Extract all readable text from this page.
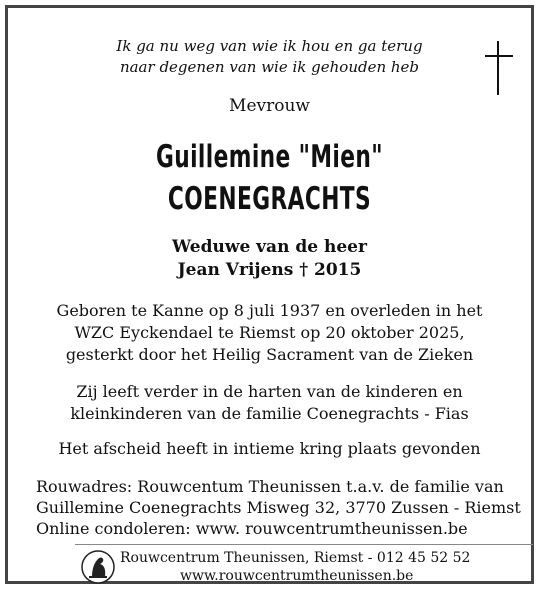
Ik ga nu weg van wie ik hou en ga terug
naar degenen van wie ik gehouden heb
Mevrouw
Guillemine "Mien"
COENEGRACHTS
Weduwe van de heer
Jean Vrijens † 2015
Geboren te Kanne op 8 juli 1937 en overleden in het
WZC Eyckendael te Riemst op 20 oktober 2025,
gesterkt door het Heilig Sacrament van de Zieken
Zij leeft verder in de harten van de kinderen en
kleinkinderen van de familie Coenegrachts - Fias
Het afscheid heeft in intieme kring plaats gevonden
Rouwadres: Rouwcentum Theunissen t.a.v. de familie van
Guillemine Coenegrachts Misweg 32, 3770 Zussen - Riemst
Online condoleren: www. rouwcentrumtheunissen.be
Rouwcentrum Theunissen, Riemst - 012 45 52 52
www.rouwcentrumtheunissen.be
